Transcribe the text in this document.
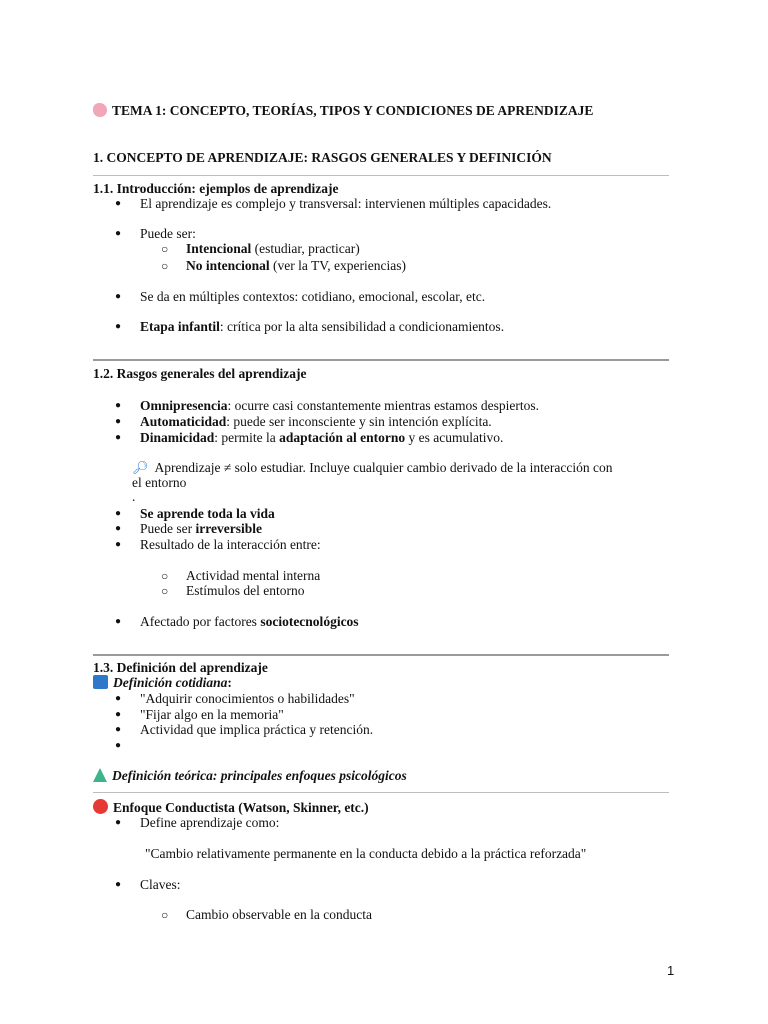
TEMA 1: CONCEPTO, TEORÍAS, TIPOS Y CONDICIONES DE APRENDIZAJE
1. CONCEPTO DE APRENDIZAJE: RASGOS GENERALES Y DEFINICIÓN
1.1. Introducción: ejemplos de aprendizaje
● El aprendizaje es complejo y transversal: intervienen múltiples capacidades.
● Puede ser:
○ Intencional (estudiar, practicar)
○ No intencional (ver la TV, experiencias)
● Se da en múltiples contextos: cotidiano, emocional, escolar, etc.
● Etapa infantil: crítica por la alta sensibilidad a condicionamientos.
1.2. Rasgos generales del aprendizaje
● Omnipresencia: ocurre casi constantemente mientras estamos despiertos.
● Automaticidad: puede ser inconsciente y sin intención explícita.
● Dinamicidad: permite la adaptación al entorno y es acumulativo.
🔎︎ Aprendizaje ≠ solo estudiar. Incluye cualquier cambio derivado de la interacción con
el entorno
.
● Se aprende toda la vida
● Puede ser irreversible
● Resultado de la interacción entre:
○ Actividad mental interna
○ Estímulos del entorno
● Afectado por factores sociotecnológicos
1.3. Definición del aprendizaje
Definición cotidiana:
● "Adquirir conocimientos o habilidades"
● "Fijar algo en la memoria"
● Actividad que implica práctica y retención.
Definición teórica: principales enfoques psicológicos
Enfoque Conductista (Watson, Skinner, etc.)
● Define aprendizaje como:
"Cambio relativamente permanente en la conducta debido a la práctica reforzada"
● Claves:
○ Cambio observable en la conducta
1
